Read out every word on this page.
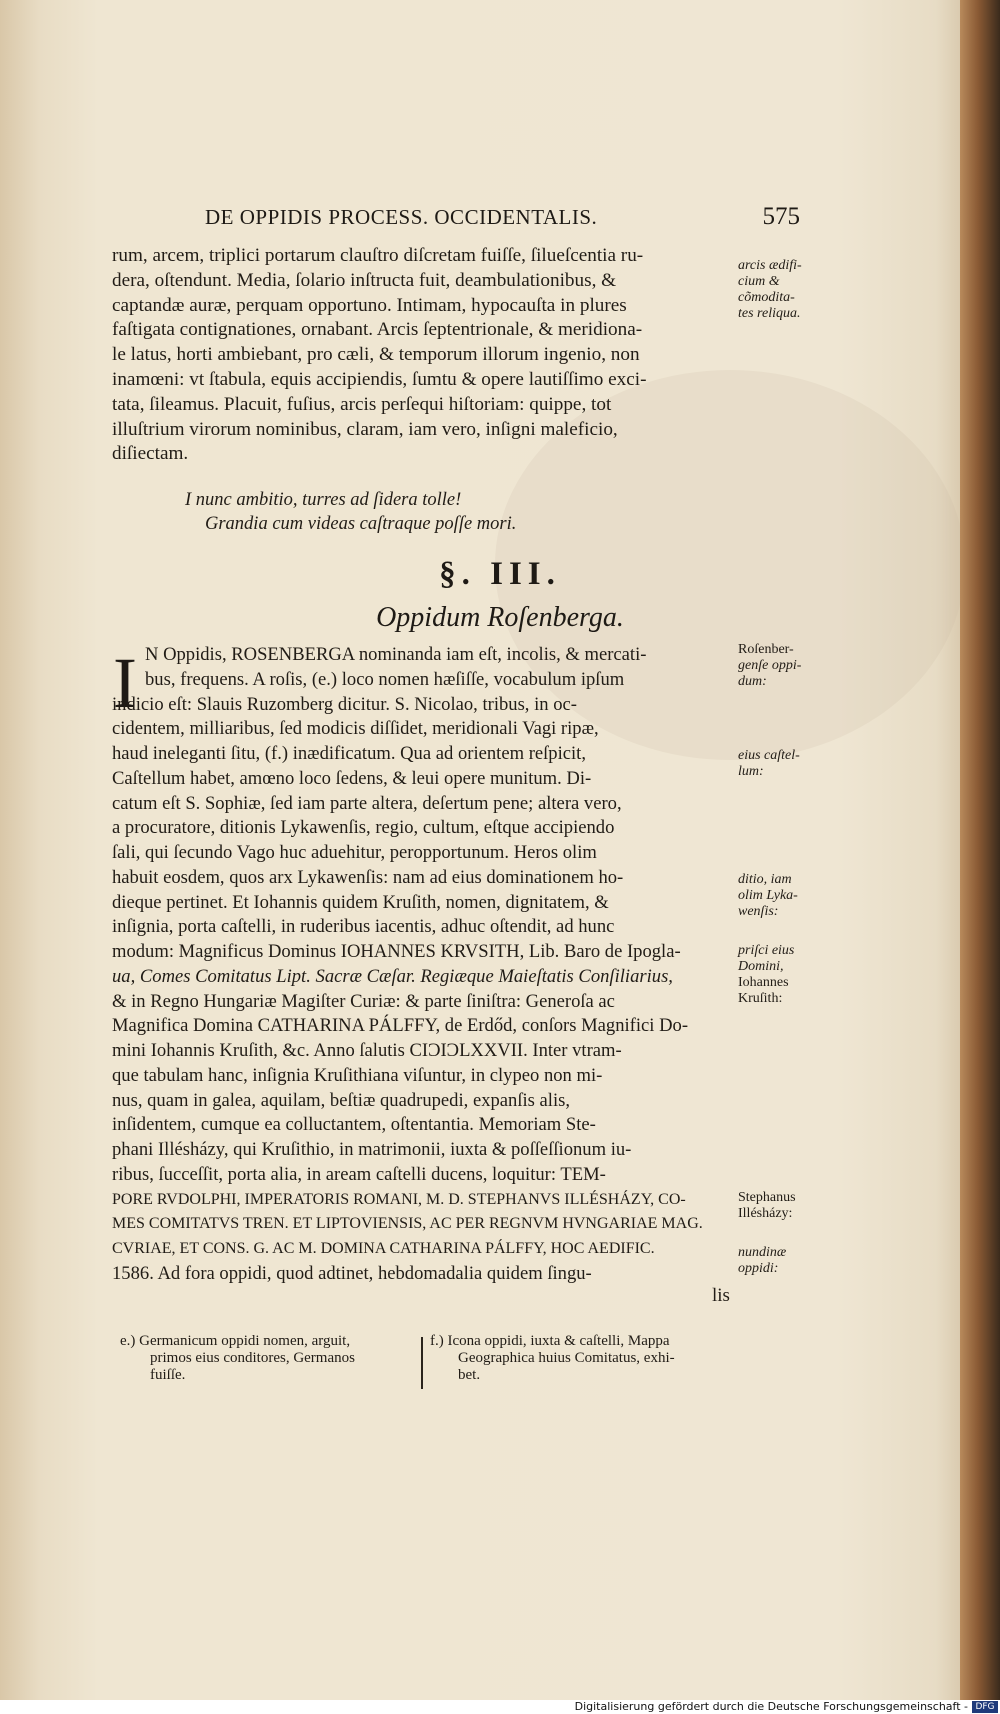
DE OPPIDIS PROCESS. OCCIDENTALIS.	575
rum, arcem, triplici portarum clauſtro diſcretam fuiſſe, ſilueſcentia ru-
dera, oſtendunt. Media, ſolario inſtructa fuit, deambulationibus, &
captandæ auræ, perquam opportuno. Intimam, hypocauſta in plures
faſtigata contignationes, ornabant. Arcis ſeptentrionale, & meridiona-
le latus, horti ambiebant, pro cæli, & temporum illorum ingenio, non
inamœni: vt ſtabula, equis accipiendis, ſumtu & opere lautiſſimo exci-
tata, ſileamus. Placuit, fuſius, arcis perſequi hiſtoriam: quippe, tot
illuſtrium virorum nominibus, claram, iam vero, inſigni maleficio,
diſiectam.
I nunc ambitio, turres ad ſidera tolle!
Grandia cum videas caſtraque poſſe mori.
§. III.
Oppidum Roſenberga.
I N Oppidis, ROSENBERGA nominanda iam eſt, incolis, & mercati-
bus, frequens. A roſis, (e.) loco nomen hæſiſſe, vocabulum ipſum
indicio eſt: Slauis Ruzomberg dicitur. S. Nicolao, tribus, in oc-
cidentem, milliaribus, ſed modicis diſſidet, meridionali Vagi ripæ,
haud ineleganti ſitu, (f.) inædificatum. Qua ad orientem reſpicit,
Caſtellum habet, amœno loco ſedens, & leui opere munitum. Di-
catum eſt S. Sophiæ, ſed iam parte altera, deſertum pene; altera vero,
a procuratore, ditionis Lykawenſis, regio, cultum, eſtque accipiendo
ſali, qui ſecundo Vago huc aduehitur, peropportunum. Heros olim
habuit eosdem, quos arx Lykawenſis: nam ad eius dominationem ho-
dieque pertinet. Et Iohannis quidem Kruſith, nomen, dignitatem, &
inſignia, porta caſtelli, in ruderibus iacentis, adhuc oſtendit, ad hunc
modum: Magnificus Dominus IOHANNES KRVSITH, Lib. Baro de Ipogla-
ua, Comes Comitatus Lipt. Sacræ Cæſar. Regiæque Maieſtatis Conſiliarius,
& in Regno Hungariæ Magiſter Curiæ: & parte ſiniſtra: Generoſa ac
Magnifica Domina CATHARINA PÁLFFY, de Erdőd, conſors Magnifici Do-
mini Iohannis Kruſith, &c. Anno ſalutis CIϽIϽLXXVII. Inter vtram-
que tabulam hanc, inſignia Kruſithiana viſuntur, in clypeo non mi-
nus, quam in galea, aquilam, beſtiæ quadrupedi, expanſis alis,
inſidentem, cumque ea colluctantem, oſtentantia. Memoriam Ste-
phani Illésházy, qui Kruſithio, in matrimonii, iuxta & poſſeſſionum iu-
ribus, ſucceſſit, porta alia, in aream caſtelli ducens, loquitur: TEM-
PORE RVDOLPHI, IMPERATORIS ROMANI, M. D. STEPHANVS ILLÉSHÁZY, CO-
MES COMITATVS TREN. ET LIPTOVIENSIS, AC PER REGNVM HVNGARIAE MAG.
CVRIAE, ET CONS. G. AC M. DOMINA CATHARINA PÁLFFY, HOC AEDIFIC.
1586. Ad fora oppidi, quod adtinet, hebdomadalia quidem ſingu-
lis
arcis ædifi-
cium &
cõmodita-
tes reliqua.
Roſenber-
genſe oppi-
dum:
eius caſtel-
lum:
ditio, iam
olim Lyka-
wenſis:
priſci eius
Domini,
Iohannes
Kruſith:
Stephanus
Illésházy:
nundinæ
oppidi:
e.) Germanicum oppidi nomen, arguit,
primos eius conditores, Germanos
fuiſſe.
f.) Icona oppidi, iuxta & caſtelli, Mappa
Geographica huius Comitatus, exhi-
bet.
Digitalisierung gefördert durch die Deutsche Forschungsgemeinschaft - DFG
